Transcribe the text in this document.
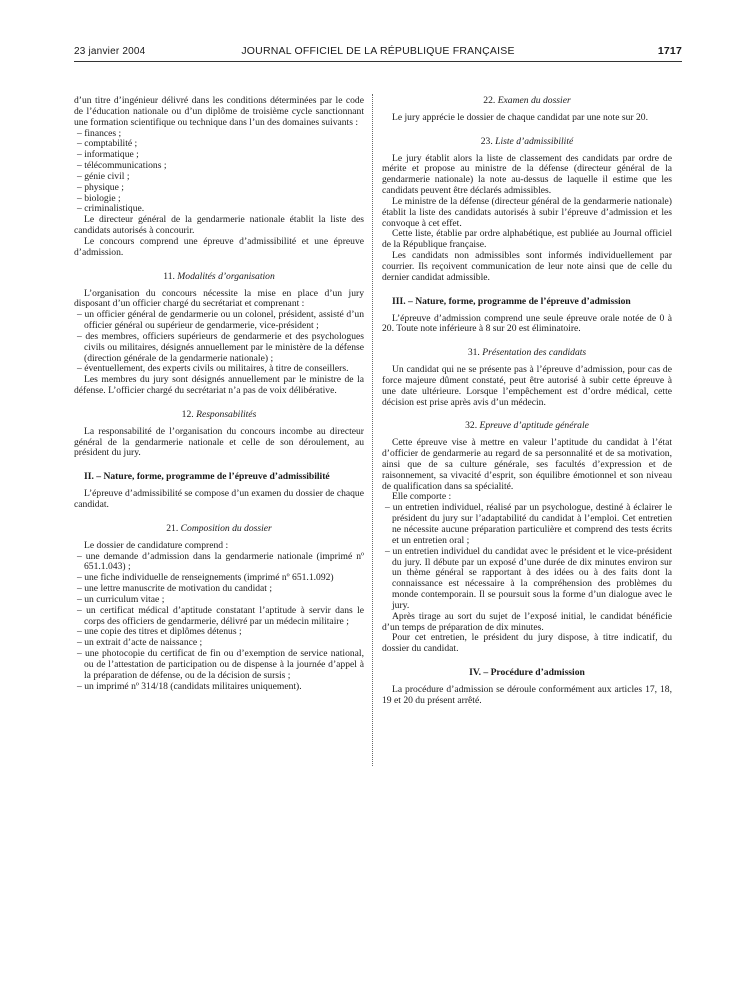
23 janvier 2004	JOURNAL OFFICIEL DE LA RÉPUBLIQUE FRANÇAISE	1717

d’un titre d’ingénieur délivré dans les conditions déterminées par le code de l’éducation nationale ou d’un diplôme de troisième cycle sanctionnant une formation scientifique ou technique dans l’un des domaines suivants :

– finances ;
– comptabilité ;
– informatique ;
– télécommunications ;
– génie civil ;
– physique ;
– biologie ;
– criminalistique.

Le directeur général de la gendarmerie nationale établit la liste des candidats autorisés à concourir.

Le concours comprend une épreuve d’admissibilité et une épreuve d’admission.

11. Modalités d’organisation

L’organisation du concours nécessite la mise en place d’un jury disposant d’un officier chargé du secrétariat et comprenant :

– un officier général de gendarmerie ou un colonel, président, assisté d’un officier général ou supérieur de gendarmerie, vice-président ;
– des membres, officiers supérieurs de gendarmerie et des psychologues civils ou militaires, désignés annuellement par le ministère de la défense (direction générale de la gendarmerie nationale) ;
– éventuellement, des experts civils ou militaires, à titre de conseillers.

Les membres du jury sont désignés annuellement par le ministre de la défense. L’officier chargé du secrétariat n’a pas de voix délibérative.

12. Responsabilités

La responsabilité de l’organisation du concours incombe au directeur général de la gendarmerie nationale et celle de son déroulement, au président du jury.

II. – Nature, forme, programme de l’épreuve d’admissibilité

L’épreuve d’admissibilité se compose d’un examen du dossier de chaque candidat.

21. Composition du dossier

Le dossier de candidature comprend :

– une demande d’admission dans la gendarmerie nationale (imprimé nº 651.1.043) ;
– une fiche individuelle de renseignements (imprimé nº 651.1.092)
– une lettre manuscrite de motivation du candidat ;
– un curriculum vitae ;
– un certificat médical d’aptitude constatant l’aptitude à servir dans le corps des officiers de gendarmerie, délivré par un médecin militaire ;
– une copie des titres et diplômes détenus ;
– un extrait d’acte de naissance ;
– une photocopie du certificat de fin ou d’exemption de service national, ou de l’attestation de participation ou de dispense à la journée d’appel à la préparation de défense, ou de la décision de sursis ;
– un imprimé nº 314/18 (candidats militaires uniquement).
22. Examen du dossier

Le jury apprécie le dossier de chaque candidat par une note sur 20.

23. Liste d’admissibilité

Le jury établit alors la liste de classement des candidats par ordre de mérite et propose au ministre de la défense (directeur général de la gendarmerie nationale) la note au-dessus de laquelle il estime que les candidats peuvent être déclarés admissibles.

Le ministre de la défense (directeur général de la gendarmerie nationale) établit la liste des candidats autorisés à subir l’épreuve d’admission et les convoque à cet effet.

Cette liste, établie par ordre alphabétique, est publiée au Journal officiel de la République française.

Les candidats non admissibles sont informés individuellement par courrier. Ils reçoivent communication de leur note ainsi que de celle du dernier candidat admissible.

III. – Nature, forme, programme de l’épreuve d’admission

L’épreuve d’admission comprend une seule épreuve orale notée de 0 à 20. Toute note inférieure à 8 sur 20 est éliminatoire.

31. Présentation des candidats

Un candidat qui ne se présente pas à l’épreuve d’admission, pour cas de force majeure dûment constaté, peut être autorisé à subir cette épreuve à une date ultérieure. Lorsque l’empêchement est d’ordre médical, cette décision est prise après avis d’un médecin.

32. Epreuve d’aptitude générale

Cette épreuve vise à mettre en valeur l’aptitude du candidat à l’état d’officier de gendarmerie au regard de sa personnalité et de sa motivation, ainsi que de sa culture générale, ses facultés d’expression et de raisonnement, sa vivacité d’esprit, son équilibre émotionnel et son niveau de qualification dans sa spécialité.

Elle comporte :

– un entretien individuel, réalisé par un psychologue, destiné à éclairer le président du jury sur l’adaptabilité du candidat à l’emploi. Cet entretien ne nécessite aucune préparation particulière et comprend des tests écrits et un entretien oral ;
– un entretien individuel du candidat avec le président et le vice-président du jury. Il débute par un exposé d’une durée de dix minutes environ sur un thème général se rapportant à des idées ou à des faits dont la connaissance est nécessaire à la compréhension des problèmes du monde contemporain. Il se poursuit sous la forme d’un dialogue avec le jury.

Après tirage au sort du sujet de l’exposé initial, le candidat bénéficie d’un temps de préparation de dix minutes.

Pour cet entretien, le président du jury dispose, à titre indicatif, du dossier du candidat.

IV. – Procédure d’admission

La procédure d’admission se déroule conformément aux articles 17, 18, 19 et 20 du présent arrêté.
